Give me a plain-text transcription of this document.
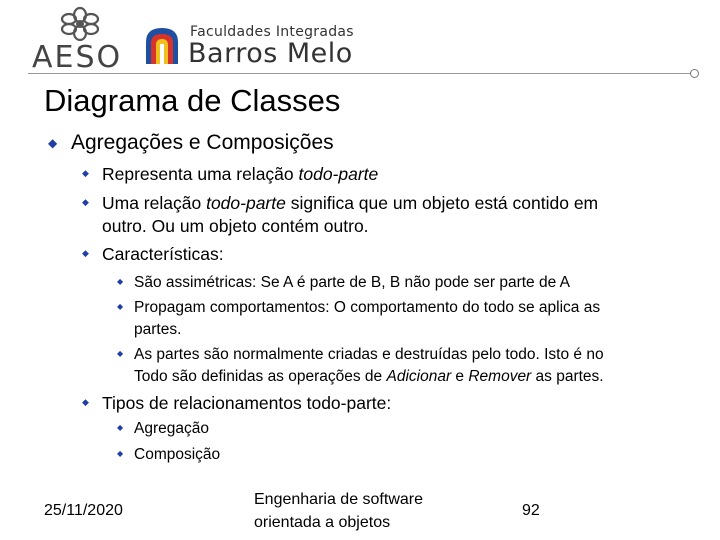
AESO
Faculdades Integradas
Barros Melo
Diagrama de Classes
◆ Agregações e Composições
◆ Representa uma relação todo-parte
◆ Uma relação todo-parte significa que um objeto está contido em
outro. Ou um objeto contém outro.
◆ Características:
◆ São assimétricas: Se A é parte de B, B não pode ser parte de A
◆ Propagam comportamentos: O comportamento do todo se aplica as
partes.
◆ As partes são normalmente criadas e destruídas pelo todo. Isto é no
Todo são definidas as operações de Adicionar e Remover as partes.
◆ Tipos de relacionamentos todo-parte:
◆ Agregação
◆ Composição
25/11/2020
Engenharia de software
orientada a objetos
92
